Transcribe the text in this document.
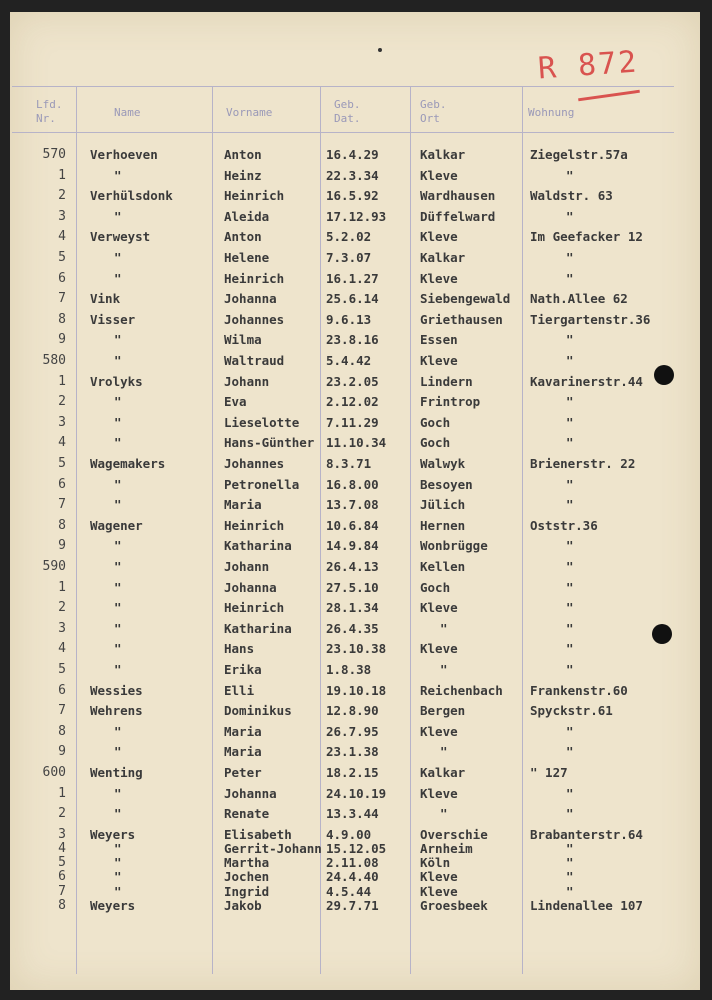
R 872
Lfd.
Nr.	Name	Vorname
Geb.
Dat.
Geb.
Ort	Wohnung
570 Verhoeven	Anton	16.4.29	Kalkar	Ziegelstr.57a
1	"	Heinz	22.3.34	Kleve	"
2 Verhülsdonk	Heinrich	16.5.92	Wardhausen	Waldstr. 63
3	"	Aleida	17.12.93	Düffelward	"
4 Verweyst	Anton	5.2.02	Kleve	Im Geefacker 12
5	"	Helene	7.3.07	Kalkar	"
6	"	Heinrich	16.1.27	Kleve	"
7 Vink	Johanna	25.6.14	Siebengewald Nath.Allee 62
8 Visser	Johannes	9.6.13	Griethausen Tiergartenstr.36
9	"	Wilma	23.8.16	Essen	"
580	"	Waltraud	5.4.42	Kleve	"
1 Vrolyks	Johann	23.2.05	Lindern	Kavarinerstr.44
2	"	Eva	2.12.02	Frintrop	"
3	"	Lieselotte 7.11.29	Goch	"
4	"	Hans-Günther 11.10.34	Goch	"
5 Wagemakers	Johannes	8.3.71	Walwyk	Brienerstr. 22
6	"	Petronella 16.8.00	Besoyen	"
7	"	Maria	13.7.08	Jülich	"
8 Wagener	Heinrich	10.6.84	Hernen	Oststr.36
9	"	Katharina	14.9.84	Wonbrügge	"
590	"	Johann	26.4.13	Kellen	"
1	"	Johanna	27.5.10	Goch	"
2	"	Heinrich	28.1.34	Kleve	"
3	"	Katharina	26.4.35	"	"
4	"	Hans	23.10.38	Kleve	"
5	"	Erika	1.8.38	"	"
6 Wessies	Elli	19.10.18	Reichenbach Frankenstr.60
7 Wehrens	Dominikus	12.8.90	Bergen	Spyckstr.61
8	"	Maria	26.7.95	Kleve	"
9	"	Maria	23.1.38	"	"
600 Wenting	Peter	18.2.15	Kalkar	" 127
1	"	Johanna	24.10.19	Kleve	"
2	"	Renate	13.3.44	"	"
3 Weyers	Elisabeth	4.9.00	Overschie	Brabanterstr.64
4	"	Gerrit-Johann 15.12.05	Arnheim	"
5	"	Martha	2.11.08	Köln	"
6	"	Jochen	24.4.40	Kleve	"
7	"	Ingrid	4.5.44	Kleve	"
8 Weyers	Jakob	29.7.71	Groesbeek	Lindenallee 107
